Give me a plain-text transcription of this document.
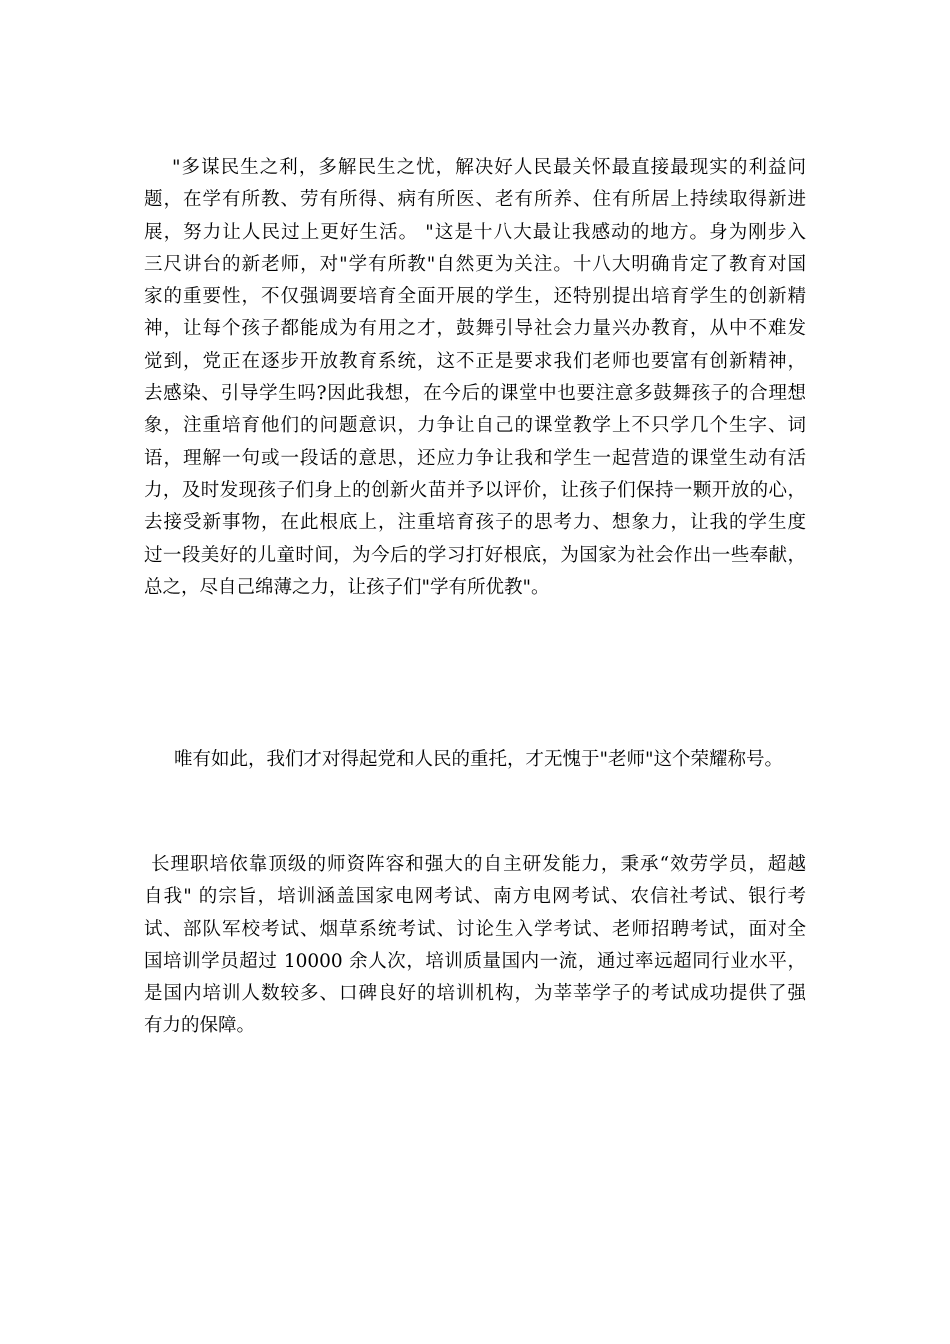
"多谋民生之利，多解民生之忧，解决好人民最关怀最直接最现实的利益问
题，在学有所教、劳有所得、病有所医、老有所养、住有所居上持续取得新进
展，努力让人民过上更好生活。 "这是十八大最让我感动的地方。身为刚步入
三尺讲台的新老师，对"学有所教"自然更为关注。十八大明确肯定了教育对国
家的重要性，不仅强调要培育全面开展的学生，还特别提出培育学生的创新精
神，让每个孩子都能成为有用之才，鼓舞引导社会力量兴办教育，从中不难发
觉到，党正在逐步开放教育系统，这不正是要求我们老师也要富有创新精神，
去感染、引导学生吗?因此我想，在今后的课堂中也要注意多鼓舞孩子的合理想
象，注重培育他们的问题意识，力争让自己的课堂教学上不只学几个生字、词
语，理解一句或一段话的意思，还应力争让我和学生一起营造的课堂生动有活
力，及时发现孩子们身上的创新火苗并予以评价，让孩子们保持一颗开放的心，
去接受新事物，在此根底上，注重培育孩子的思考力、想象力，让我的学生度
过一段美好的儿童时间，为今后的学习打好根底，为国家为社会作出一些奉献，
总之，尽自己绵薄之力，让孩子们"学有所优教"。
唯有如此，我们才对得起党和人民的重托，才无愧于"老师"这个荣耀称号。
长理职培依靠顶级的师资阵容和强大的自主研发能力，秉承“效劳学员，超越
自我" 的宗旨，培训涵盖国家电网考试、南方电网考试、农信社考试、银行考
试、部队军校考试、烟草系统考试、讨论生入学考试、老师招聘考试，面对全
国培训学员超过 10000 余人次，培训质量国内一流，通过率远超同行业水平，
是国内培训人数较多、口碑良好的培训机构，为莘莘学子的考试成功提供了强
有力的保障。
